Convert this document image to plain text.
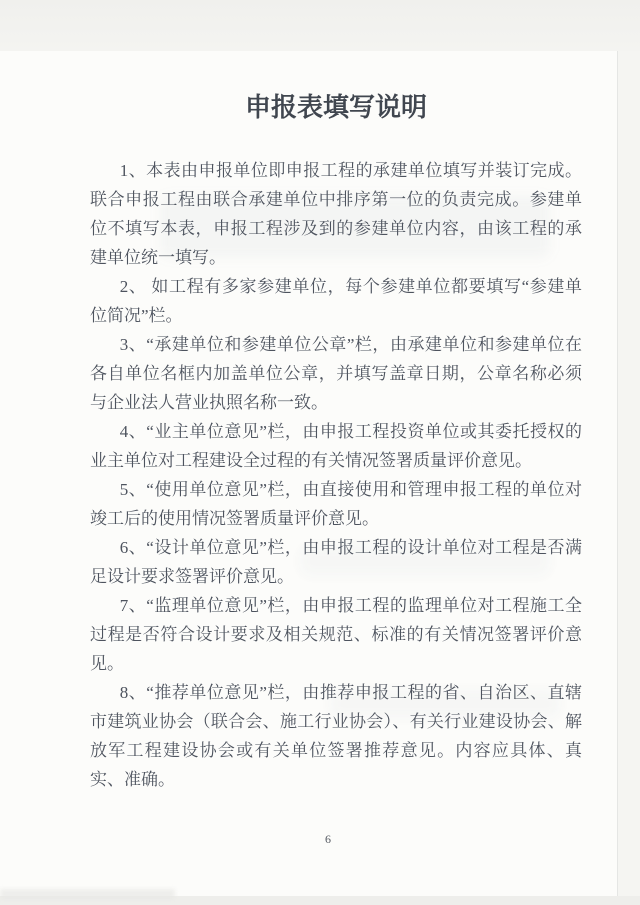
申报表填写说明

1、本表由申报单位即申报工程的承建单位填写并装订完成。联合申报工程由联合承建单位中排序第一位的负责完成。参建单位不填写本表，申报工程涉及到的参建单位内容，由该工程的承建单位统一填写。

2、 如工程有多家参建单位，每个参建单位都要填写“参建单位简况”栏。

3、“承建单位和参建单位公章”栏，由承建单位和参建单位在各自单位名框内加盖单位公章，并填写盖章日期，公章名称必须与企业法人营业执照名称一致。

4、“业主单位意见”栏，由申报工程投资单位或其委托授权的业主单位对工程建设全过程的有关情况签署质量评价意见。

5、“使用单位意见”栏，由直接使用和管理申报工程的单位对竣工后的使用情况签署质量评价意见。

6、“设计单位意见”栏，由申报工程的设计单位对工程是否满足设计要求签署评价意见。

7、“监理单位意见”栏，由申报工程的监理单位对工程施工全过程是否符合设计要求及相关规范、标准的有关情况签署评价意见。

8、“推荐单位意见”栏，由推荐申报工程的省、自治区、直辖市建筑业协会（联合会、施工行业协会）、有关行业建设协会、解放军工程建设协会或有关单位签署推荐意见。内容应具体、真实、准确。

6
